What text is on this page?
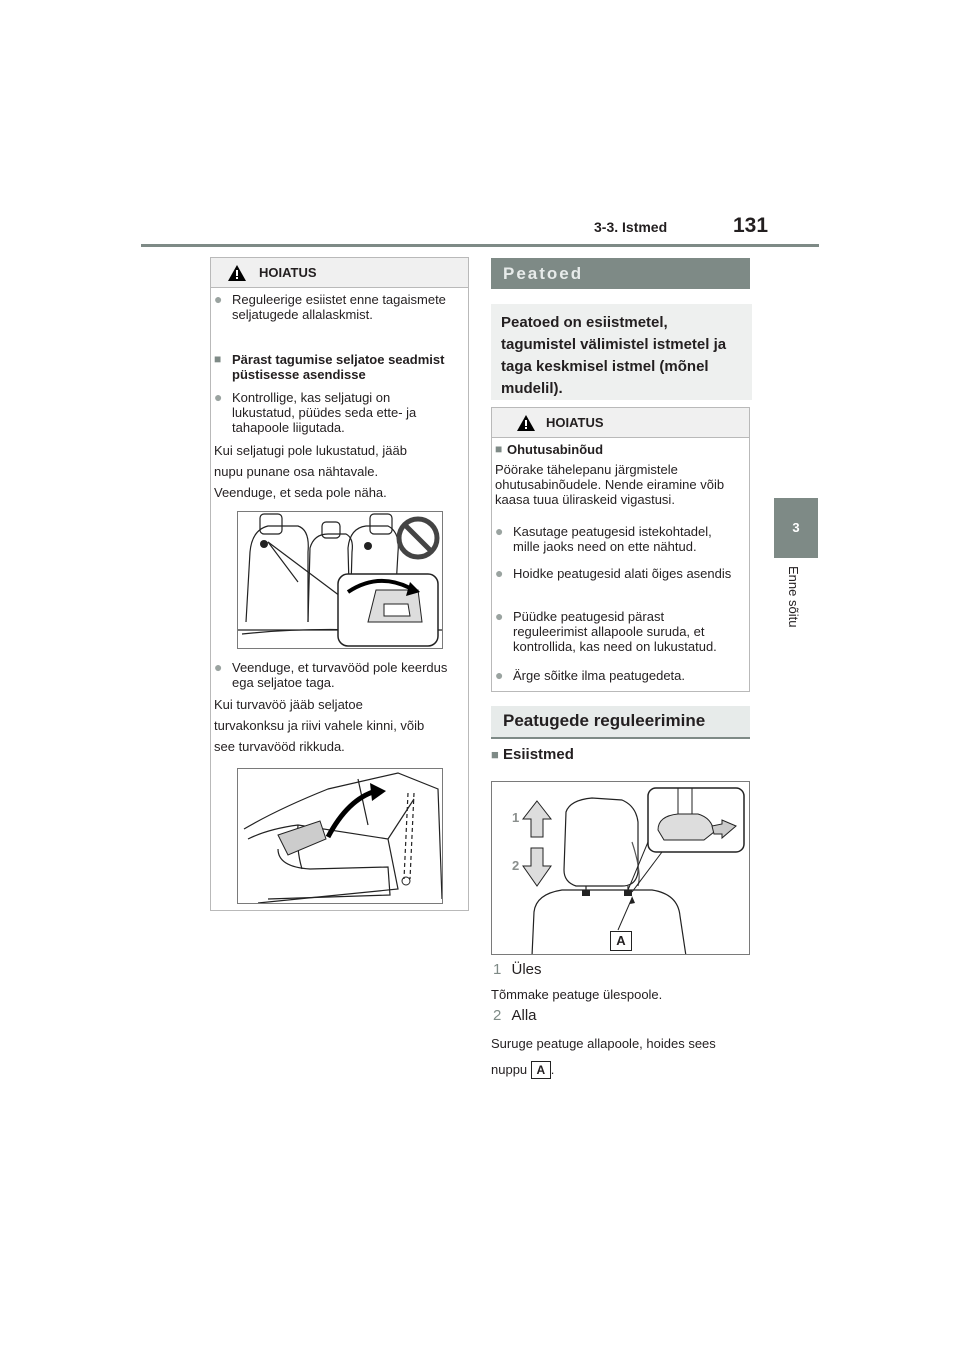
3-3. Istmed	131
3
Enne sõitu
HOIATUS
● Reguleerige esiistet enne tagaismete seljatugede allalaskmist.
■ Pärast tagumise seljatoe seadmist püstisesse asendisse
● Kontrollige, kas seljatugi on lukustatud, püüdes seda ette- ja tahapoole liigutada.
Kui seljatugi pole lukustatud, jääb
nupu punane osa nähtavale.
Veenduge, et seda pole näha.
● Veenduge, et turvavööd pole keerdus ega seljatoe taga.
Kui turvavöö jääb seljatoe
turvakonksu ja riivi vahele kinni, võib
see turvavööd rikkuda.
Peatoed
Peatoed on esiistmetel, tagumistel välimistel istmetel ja taga keskmisel istmel (mõnel mudelil).
HOIATUS
■ Ohutusabinõud
Pöörake tähelepanu järgmistele ohutusabinõudele. Nende eiramine võib kaasa tuua üliraskeid vigastusi.
● Kasutage peatugesid istekohtadel, mille jaoks need on ette nähtud.
● Hoidke peatugesid alati õiges asendis
● Püüdke peatugesid pärast reguleerimist allapoole suruda, et kontrollida, kas need on lukustatud.
● Ärge sõitke ilma peatugedeta.
Peatugede reguleerimine
■ Esiistmed
1
2
A
1 Üles
Tõmmake peatuge ülespoole.
2 Alla
Suruge peatuge allapoole, hoides sees
nuppu A .
